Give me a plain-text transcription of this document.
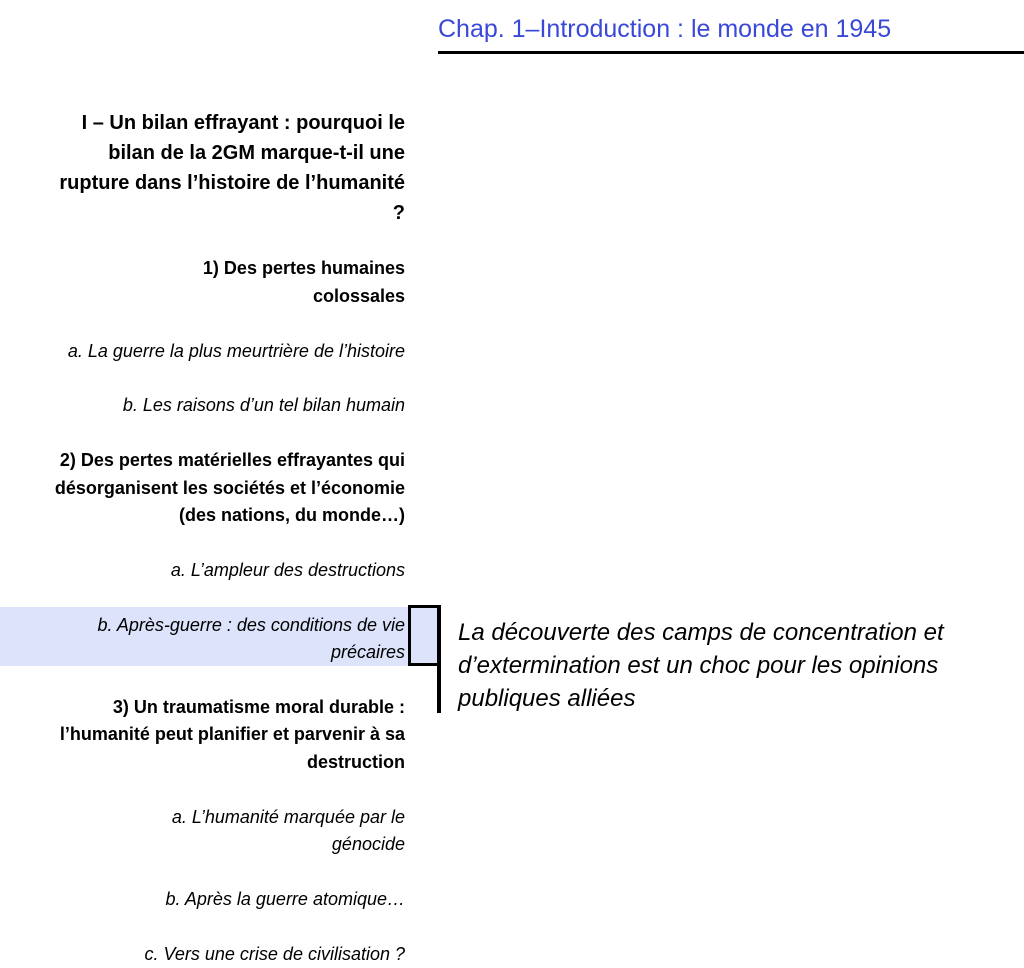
Chap. 1–Introduction : le monde en 1945

I – Un bilan effrayant : pourquoi le bilan de la 2GM marque-t-il une rupture dans l’histoire de l’humanité ?

1) Des pertes humaines colossales

a. La guerre la plus meurtrière de l’histoire

b. Les raisons d’un tel bilan humain

2) Des pertes matérielles effrayantes qui désorganisent les sociétés et l’économie (des nations, du monde…)

a. L’ampleur des destructions

b. Après-guerre : des conditions de vie précaires

3) Un traumatisme moral durable : l’humanité peut planifier et parvenir à sa destruction

a. L’humanité marquée par le génocide

b. Après la guerre atomique…

c. Vers une crise de civilisation ?

La découverte des camps de concentration et d’extermination est un choc pour les opinions publiques alliées
